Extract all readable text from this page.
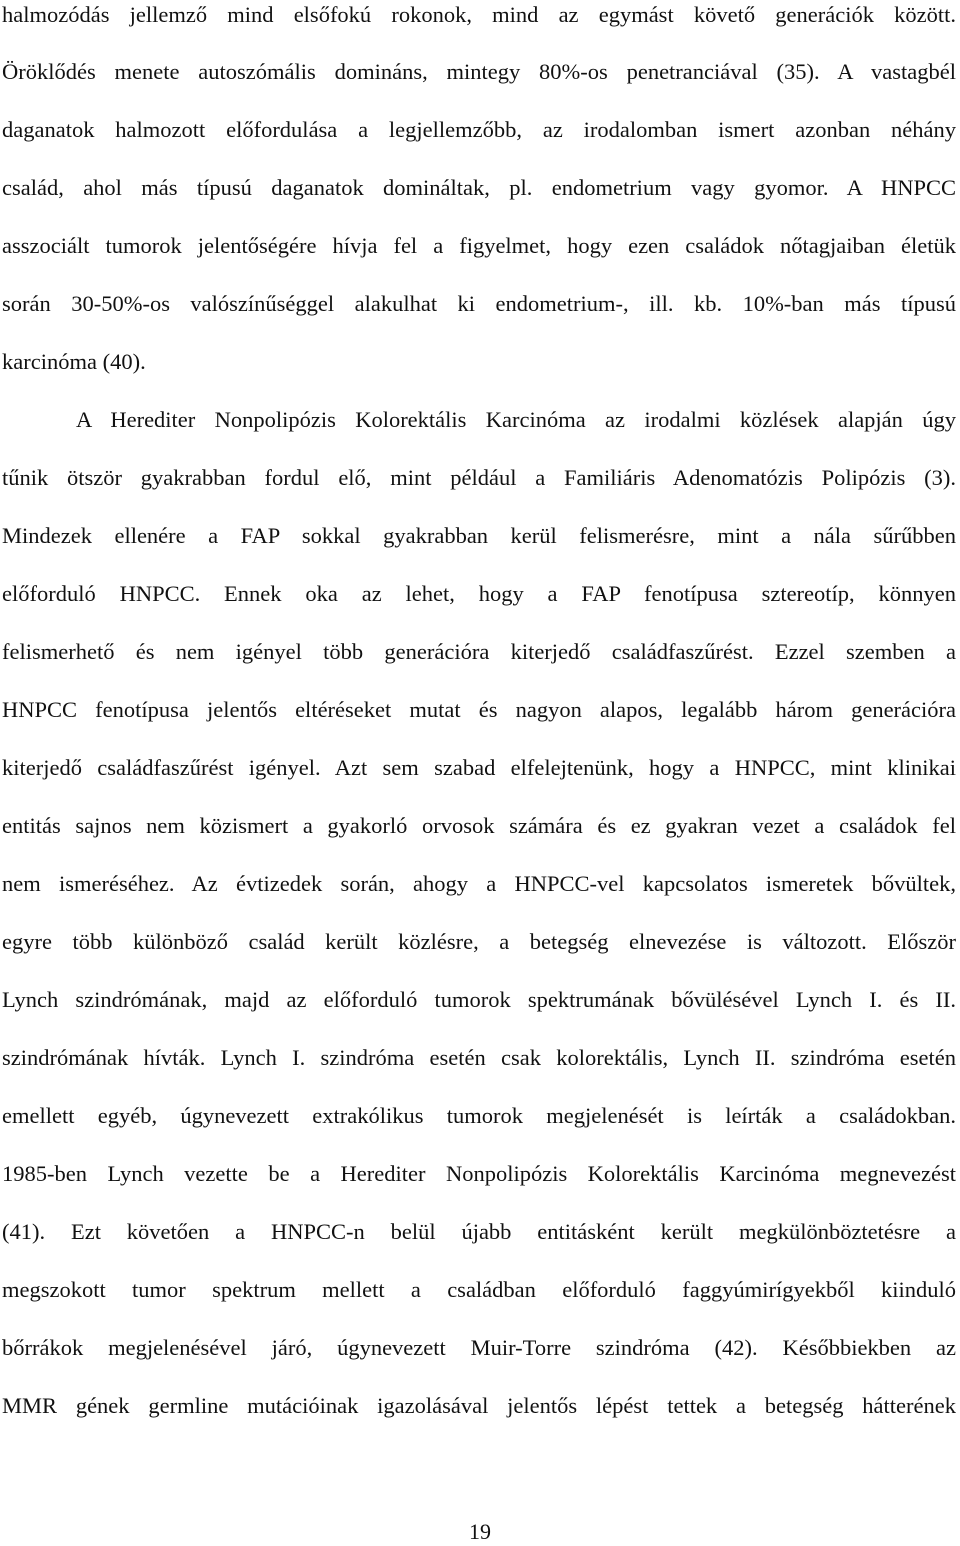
halmozódás jellemző mind elsőfokú rokonok, mind az egymást követő generációk között.
Öröklődés menete autoszómális domináns, mintegy 80%-os penetranciával (35). A vastagbél
daganatok halmozott előfordulása a legjellemzőbb, az irodalomban ismert azonban néhány
család, ahol más típusú daganatok domináltak, pl. endometrium vagy gyomor. A HNPCC
asszociált tumorok jelentőségére hívja fel a figyelmet, hogy ezen családok nőtagjaiban életük
során 30-50%-os valószínűséggel alakulhat ki endometrium-, ill. kb. 10%-ban más típusú
karcinóma (40).
A Herediter Nonpolipózis Kolorektális Karcinóma az irodalmi közlések alapján úgy
tűnik ötször gyakrabban fordul elő, mint például a Familiáris Adenomatózis Polipózis (3).
Mindezek ellenére a FAP sokkal gyakrabban kerül felismerésre, mint a nála sűrűbben
előforduló HNPCC. Ennek oka az lehet, hogy a FAP fenotípusa sztereotíp, könnyen
felismerhető és nem igényel több generációra kiterjedő családfaszűrést. Ezzel szemben a
HNPCC fenotípusa jelentős eltéréseket mutat és nagyon alapos, legalább három generációra
kiterjedő családfaszűrést igényel. Azt sem szabad elfelejtenünk, hogy a HNPCC, mint klinikai
entitás sajnos nem közismert a gyakorló orvosok számára és ez gyakran vezet a családok fel
nem ismeréséhez. Az évtizedek során, ahogy a HNPCC-vel kapcsolatos ismeretek bővültek,
egyre több különböző család került közlésre, a betegség elnevezése is változott. Először
Lynch szindrómának, majd az előforduló tumorok spektrumának bővülésével Lynch I. és II.
szindrómának hívták. Lynch I. szindróma esetén csak kolorektális, Lynch II. szindróma esetén
emellett egyéb, úgynevezett extrakólikus tumorok megjelenését is leírták a családokban.
1985-ben Lynch vezette be a Herediter Nonpolipózis Kolorektális Karcinóma megnevezést
(41). Ezt követően a HNPCC-n belül újabb entitásként került megkülönböztetésre a
megszokott tumor spektrum mellett a családban előforduló faggyúmirígyekből kiinduló
bőrrákok megjelenésével járó, úgynevezett Muir-Torre szindróma (42). Későbbiekben az
MMR gének germline mutációinak igazolásával jelentős lépést tettek a betegség hátterének
19
